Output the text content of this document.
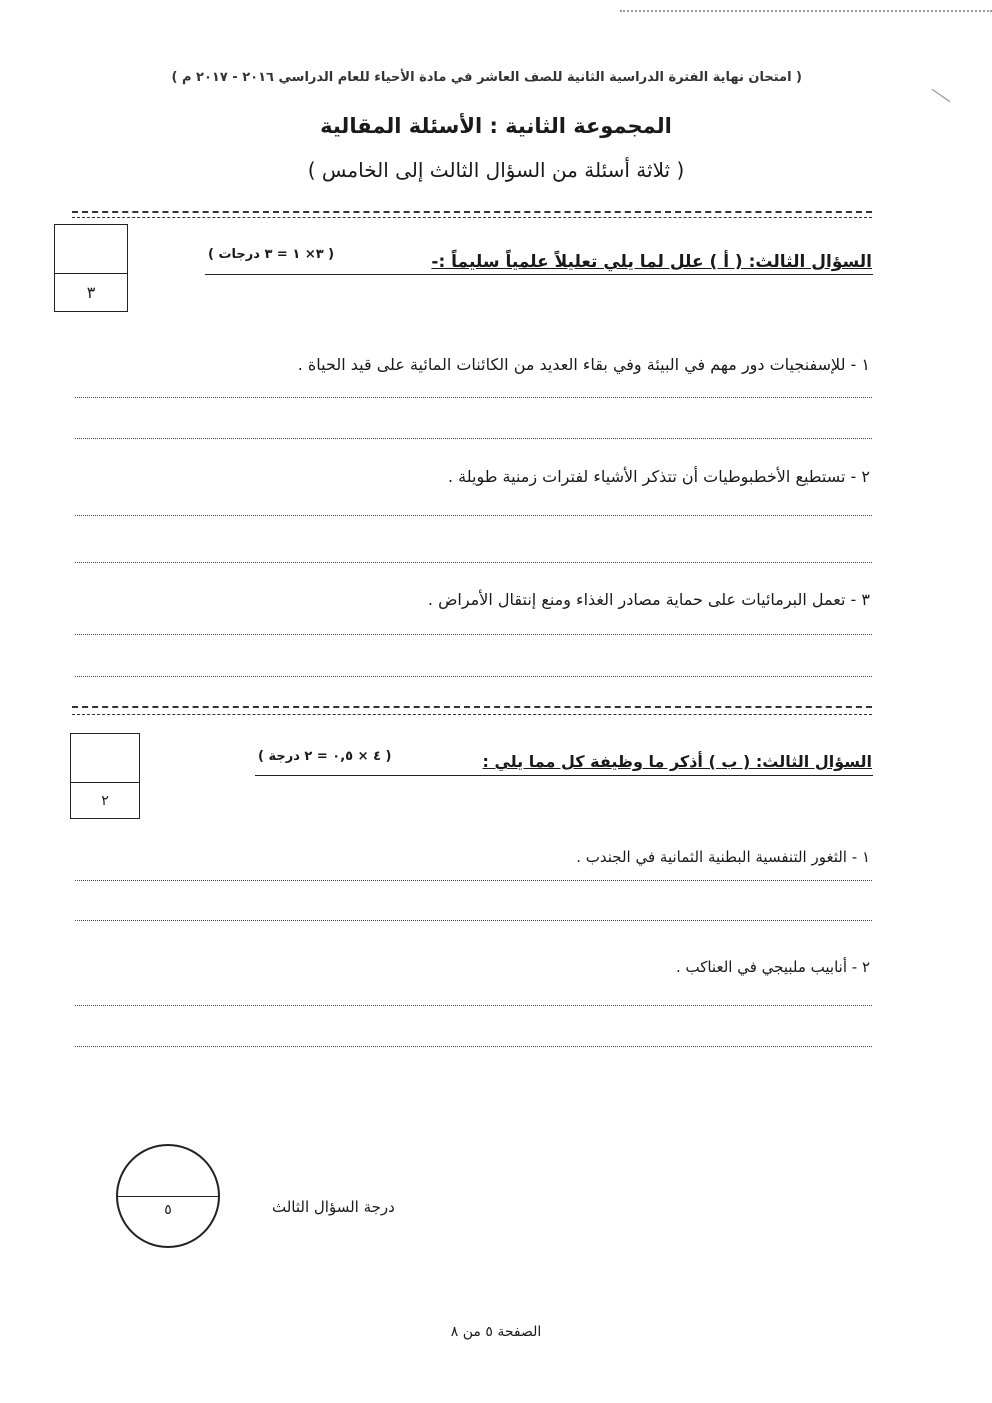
( امتحان نهاية الفترة الدراسية الثانية للصف العاشر في مادة الأحياء للعام الدراسي ٢٠١٦ - ٢٠١٧ م )
المجموعة الثانية : الأسئلة المقالية
( ثلاثة أسئلة من السؤال الثالث إلى الخامس )
٣
السؤال الثالث: ( أ ) علل لما يلي تعليلاً علمياً سليماً :-
( ٣× ١ = ٣ درجات )
١ - للإسفنجيات دور مهم في البيئة وفي بقاء العديد من الكائنات المائية على قيد الحياة .
٢ - تستطيع الأخطبوطيات أن تتذكر الأشياء لفترات زمنية طويلة .
٣ - تعمل البرمائيات على حماية مصادر الغذاء ومنع إنتقال الأمراض .
٢
السؤال الثالث: ( ب ) أذكر ما وظيفة كل مما يلي :
( ٤ × ٠,٥ = ٢ درجة )
١ - الثغور التنفسية البطنية الثمانية في الجندب .
٢ - أنابيب ملبيجي في العناكب .
٥	درجة السؤال الثالث
الصفحة ٥ من ٨
